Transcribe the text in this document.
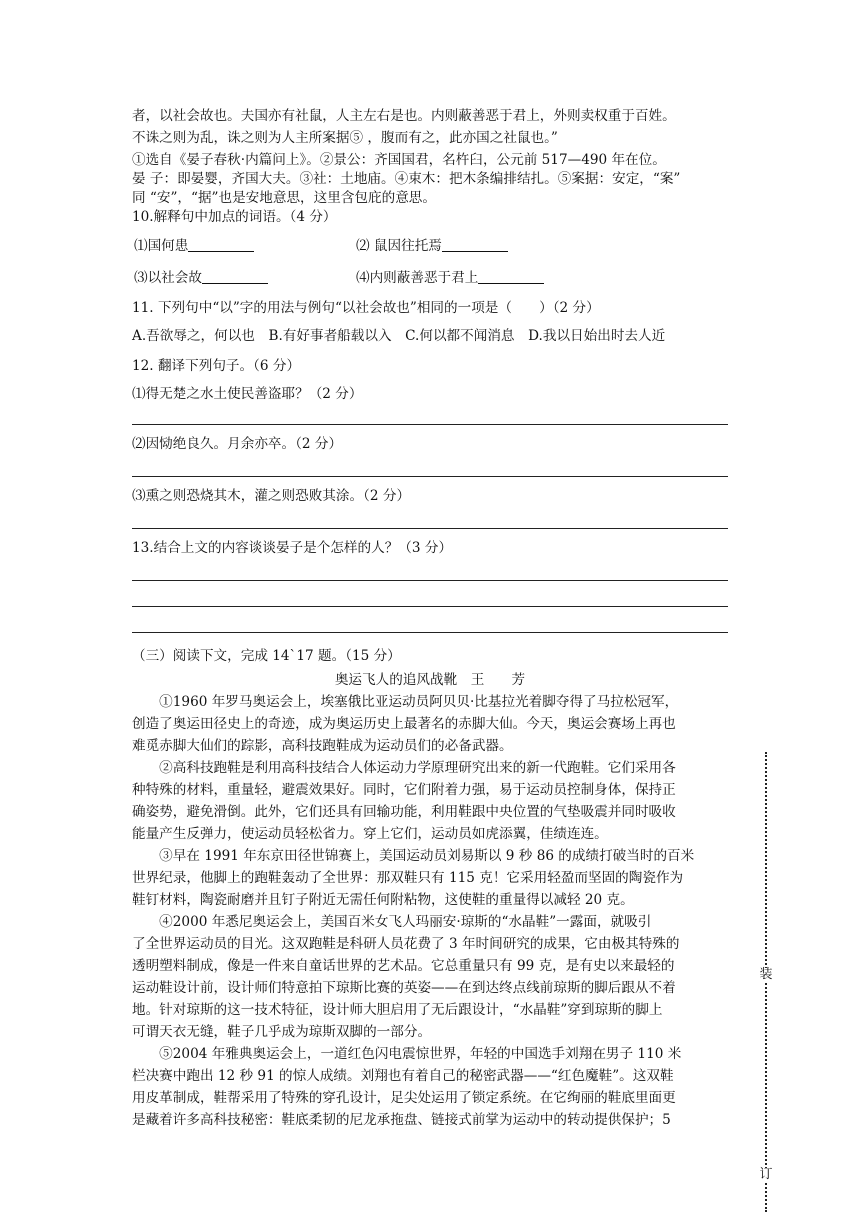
者，以社会故也。夫国亦有社鼠，人主左右是也。内则蔽善恶于君上，外则卖权重于百姓。
不诛之则为乱，诛之则为人主所案据⑤ ，腹而有之，此亦国之社鼠也。”
①选自《晏子春秋·内篇问上》。②景公：齐国国君，名杵臼，公元前 517—490 年在位。
晏 子：即晏婴，齐国大夫。③社：土地庙。④束木：把木条编排结扎。⑤案据：安定，“案”
同 “安”，“据”也是安地意思，这里含包庇的意思。
10.解释句中加点的词语。（4 分）
⑴国何患	⑵ 鼠因往托焉
⑶以社会故	⑷内则蔽善恶于君上
11. 下列句中“以”字的用法与例句“以社会故也”相同的一项是（　　）（2 分）
A.吾欲辱之，何以也　B.有好事者船载以入　C.何以都不闻消息　D.我以日始出时去人近
12. 翻译下列句子。（6 分）
⑴得无楚之水土使民善盗耶？（2 分）
⑵因恸绝良久。月余亦卒。（2 分）
⑶熏之则恐烧其木，灌之则恐败其涂。（2 分）
13.结合上文的内容谈谈晏子是个怎样的人？（3 分）
（三）阅读下文，完成 14`17 题。（15 分）
奥运飞人的追风战靴　王　　芳
　　①1960 年罗马奥运会上，埃塞俄比亚运动员阿贝贝·比基拉光着脚夺得了马拉松冠军，
创造了奥运田径史上的奇迹，成为奥运历史上最著名的赤脚大仙。今天，奥运会赛场上再也
难觅赤脚大仙们的踪影，高科技跑鞋成为运动员们的必备武器。
　　②高科技跑鞋是利用高科技结合人体运动力学原理研究出来的新一代跑鞋。它们采用各
种特殊的材料，重量轻，避震效果好。同时，它们附着力强，易于运动员控制身体，保持正
确姿势，避免滑倒。此外，它们还具有回输功能，利用鞋跟中央位置的气垫吸震并同时吸收
能量产生反弹力，使运动员轻松省力。穿上它们，运动员如虎添翼，佳绩连连。
　　③早在 1991 年东京田径世锦赛上，美国运动员刘易斯以 9 秒 86 的成绩打破当时的百米
世界纪录，他脚上的跑鞋轰动了全世界：那双鞋只有 115 克！它采用轻盈而坚固的陶瓷作为
鞋钉材料，陶瓷耐磨并且钉子附近无需任何附粘物，这使鞋的重量得以减轻 20 克。
　　④2000 年悉尼奥运会上，美国百米女飞人玛丽安·琼斯的“水晶鞋”一露面，就吸引
了全世界运动员的目光。这双跑鞋是科研人员花费了 3 年时间研究的成果，它由极其特殊的
透明塑料制成，像是一件来自童话世界的艺术品。它总重量只有 99 克，是有史以来最轻的
运动鞋设计前，设计师们特意拍下琼斯比赛的英姿——在到达终点线前琼斯的脚后跟从不着
地。针对琼斯的这一技术特征，设计师大胆启用了无后跟设计，“水晶鞋”穿到琼斯的脚上
可谓天衣无缝，鞋子几乎成为琼斯双脚的一部分。
　　⑤2004 年雅典奥运会上，一道红色闪电震惊世界，年轻的中国选手刘翔在男子 110 米
栏决赛中跑出 12 秒 91 的惊人成绩。刘翔也有着自己的秘密武器——“红色魔鞋”。这双鞋
用皮革制成，鞋帮采用了特殊的穿孔设计，足尖处运用了锁定系统。在它绚丽的鞋底里面更
是藏着许多高科技秘密：鞋底柔韧的尼龙承拖盘、链接式前掌为运动中的转动提供保护；5
装
订
